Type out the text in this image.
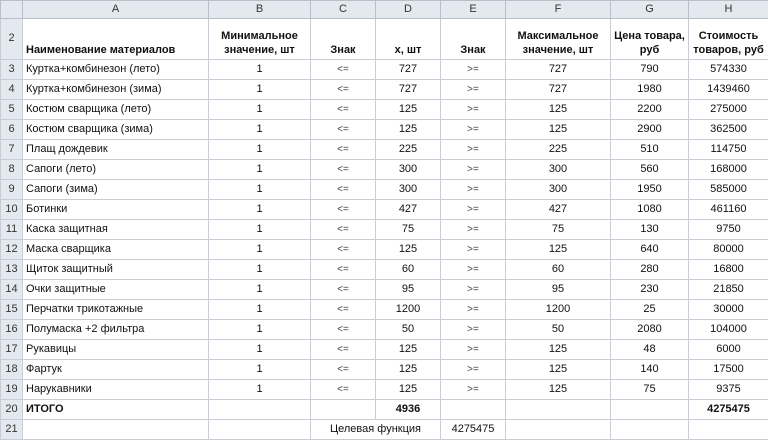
	A	B	C	D	E	F	G	H
2	Наименование материалов	Минимальное значение, шт	Знак	x, шт	Знак	Максимальное значение, шт	Цена товара, руб	Стоимость товаров, руб
3	Куртка+комбинезон (лето)	1	<=	727	>=	727	790	574330
4	Куртка+комбинезон (зима)	1	<=	727	>=	727	1980	1439460
5	Костюм сварщика (лето)	1	<=	125	>=	125	2200	275000
6	Костюм сварщика (зима)	1	<=	125	>=	125	2900	362500
7	Плащ дождевик	1	<=	225	>=	225	510	114750
8	Сапоги (лето)	1	<=	300	>=	300	560	168000
9	Сапоги (зима)	1	<=	300	>=	300	1950	585000
10	Ботинки	1	<=	427	>=	427	1080	461160
11	Каска защитная	1	<=	75	>=	75	130	9750
12	Маска сварщика	1	<=	125	>=	125	640	80000
13	Щиток защитный	1	<=	60	>=	60	280	16800
14	Очки защитные	1	<=	95	>=	95	230	21850
15	Перчатки трикотажные	1	<=	1200	>=	1200	25	30000
16	Полумаска +2 фильтра	1	<=	50	>=	50	2080	104000
17	Рукавицы	1	<=	125	>=	125	48	6000
18	Фартук	1	<=	125	>=	125	140	17500
19	Нарукавники	1	<=	125	>=	125	75	9375
20	ИТОГО			4936				4275475
21			Целевая функция		4275475			
